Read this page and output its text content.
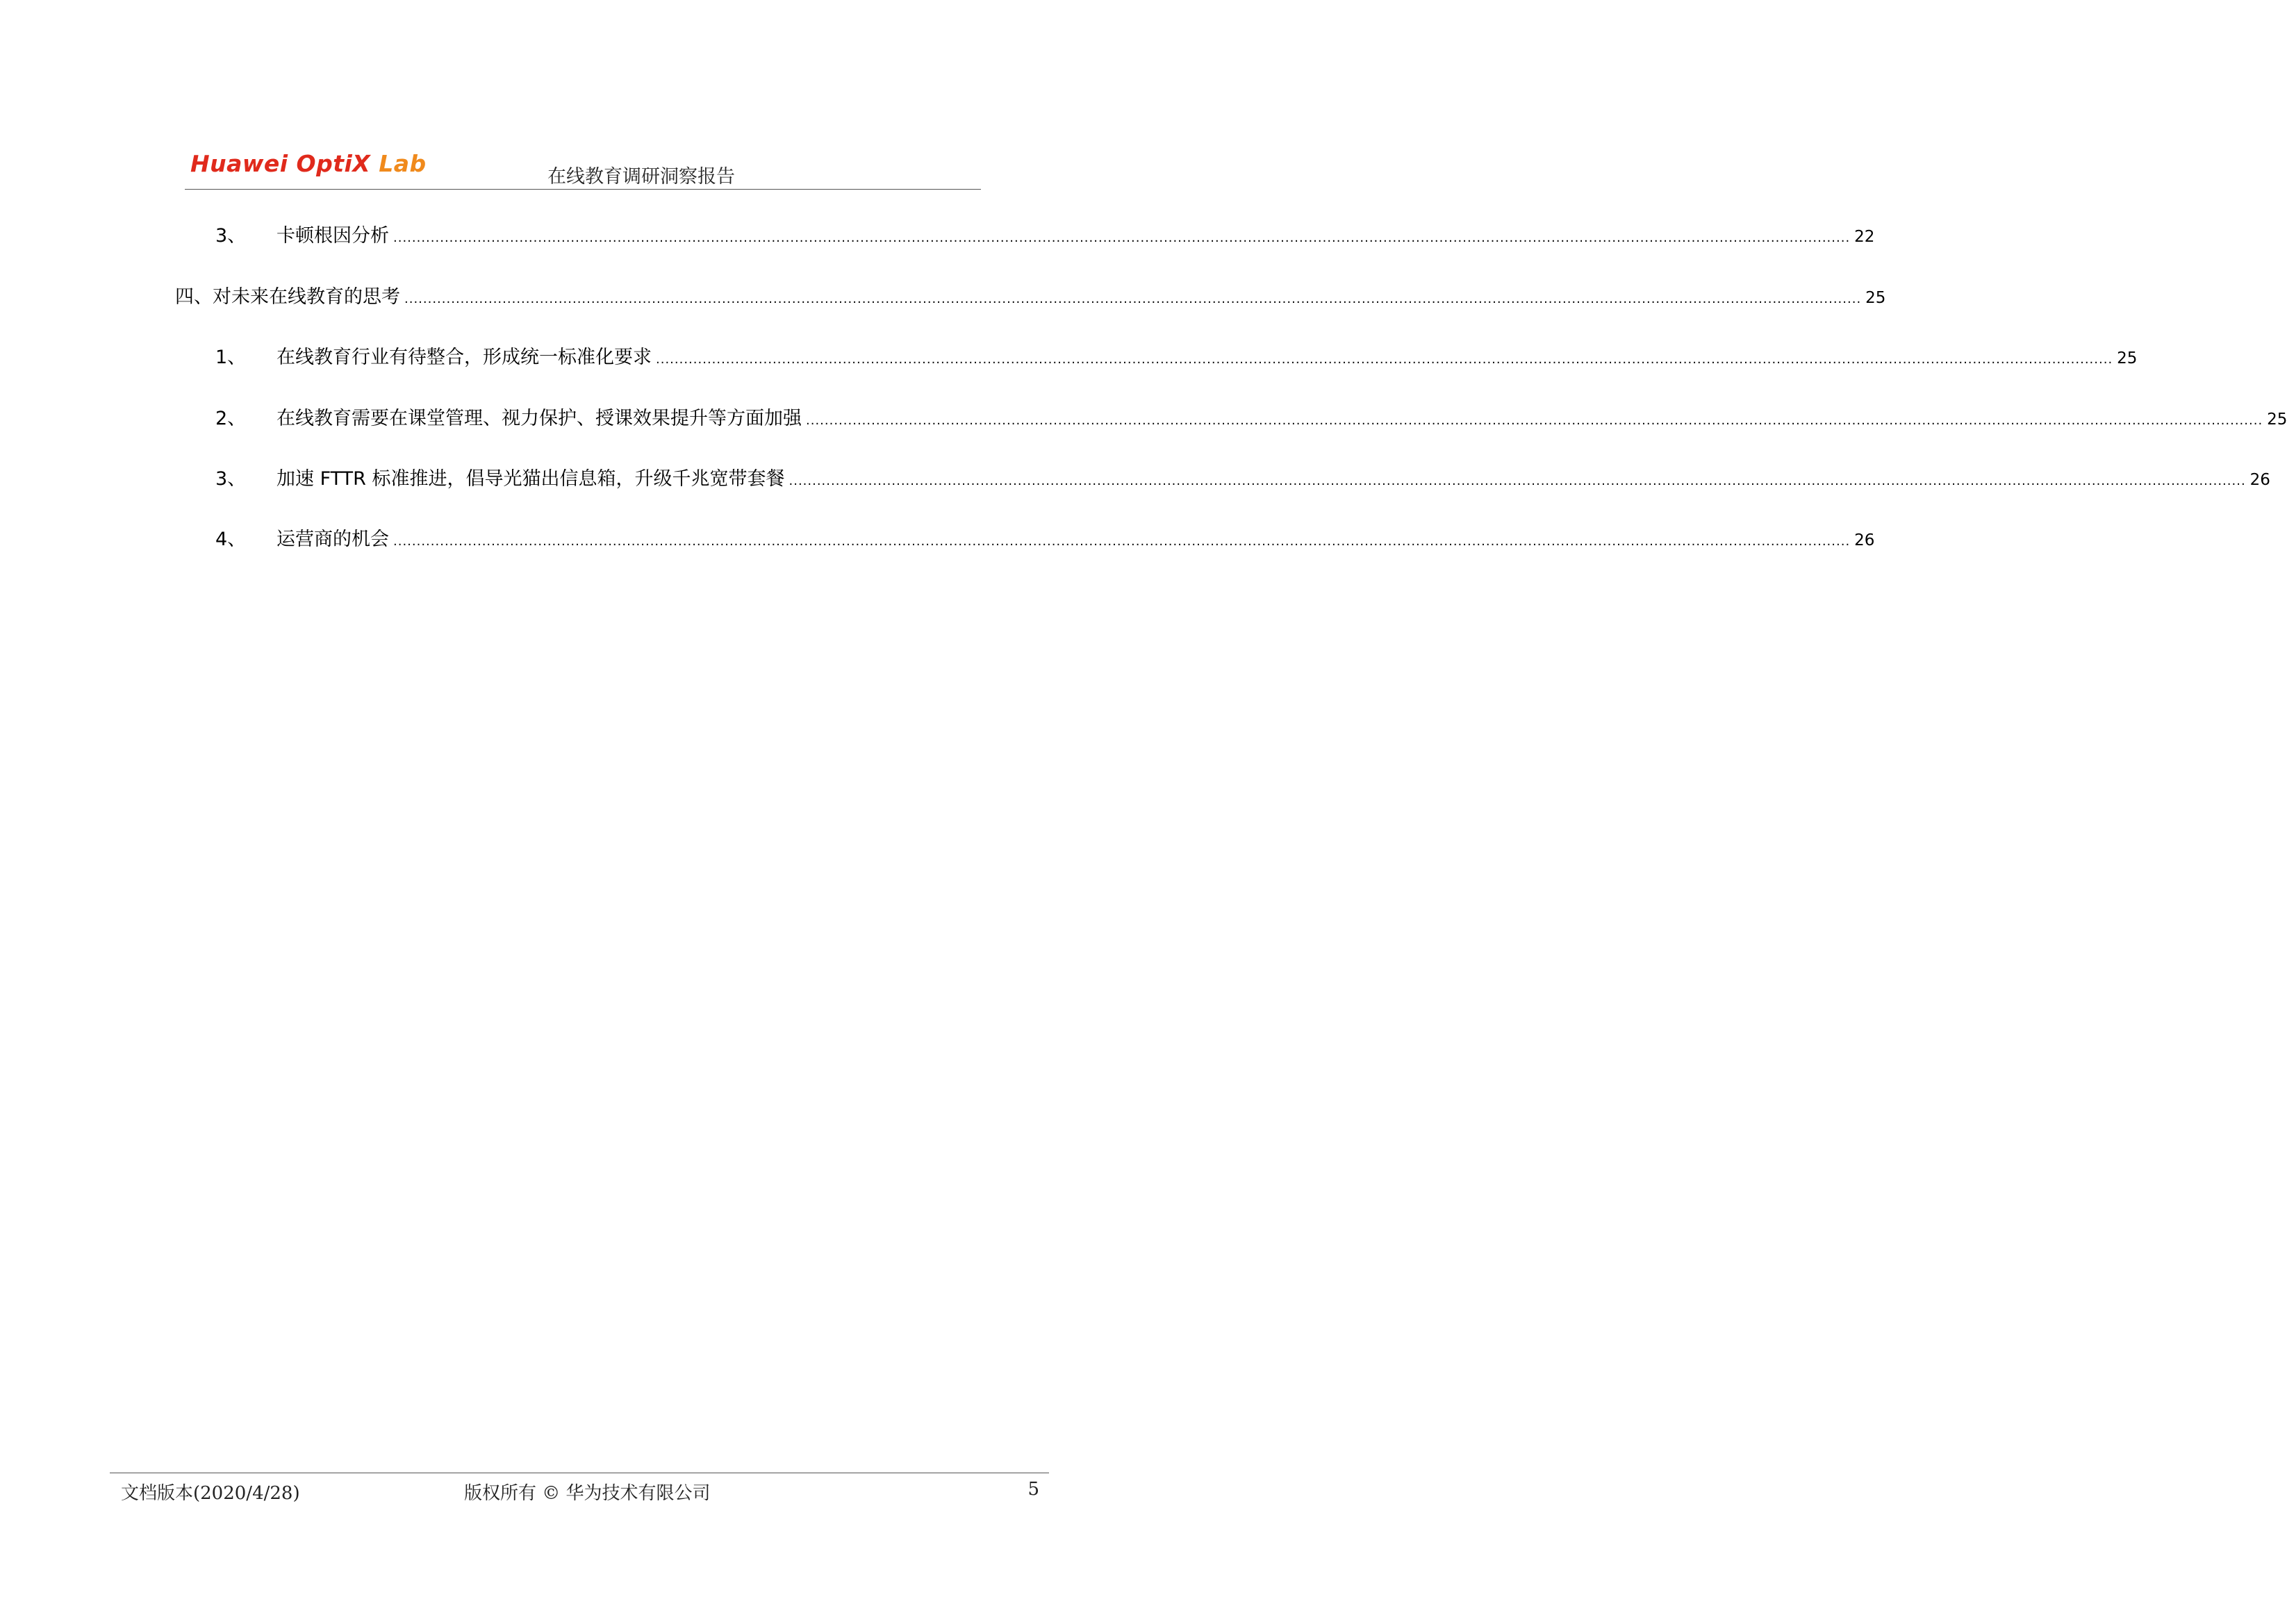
Huawei OptiX Lab	在线教育调研洞察报告
3、	卡顿根因分析 ........................................................................................................................................................................................................................................................................................................................ 22
四、对未来在线教育的思考 ........................................................................................................................................................................................................................................................................................................................ 25
1、	在线教育行业有待整合，形成统一标准化要求 ........................................................................................................................................................................................................................................................................................................................ 25
2、	在线教育需要在课堂管理、视力保护、授课效果提升等方面加强 ........................................................................................................................................................................................................................................................................................................................ 25
3、	加速 FTTR 标准推进，倡导光猫出信息箱，升级千兆宽带套餐 ........................................................................................................................................................................................................................................................................................................................ 26
4、	运营商的机会 ........................................................................................................................................................................................................................................................................................................................ 26
文档版本(2020/4/28)	版权所有 © 华为技术有限公司	5
